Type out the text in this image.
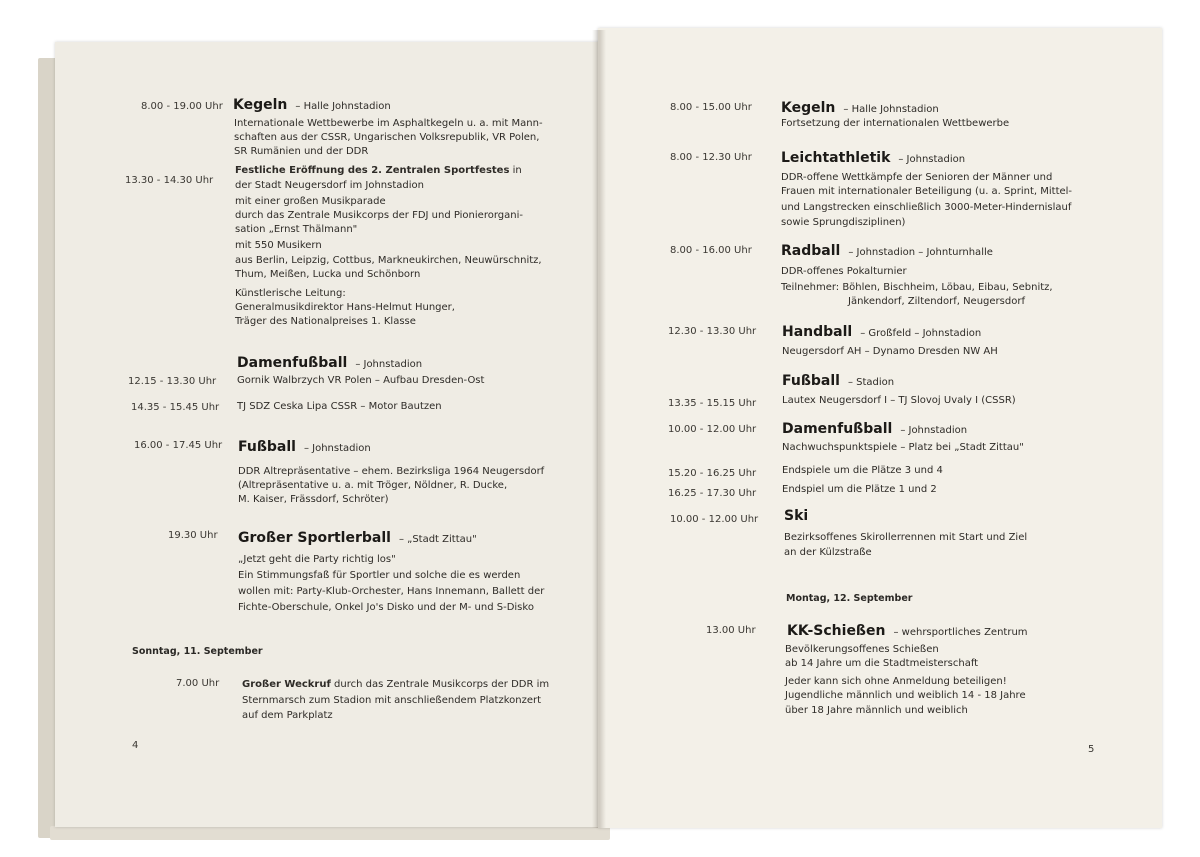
8.00 - 19.00 Uhr Kegeln – Halle Johnstadion
Internationale Wettbewerbe im Asphaltkegeln u. a. mit Mann-
schaften aus der CSSR, Ungarischen Volksrepublik, VR Polen,
SR Rumänien und der DDR
13.30 - 14.30 Uhr
Festliche Eröffnung des 2. Zentralen Sportfestes in
der Stadt Neugersdorf im Johnstadion
mit einer großen Musikparade
durch das Zentrale Musikcorps der FDJ und Pionierorgani-
sation „Ernst Thälmann"
mit 550 Musikern
aus Berlin, Leipzig, Cottbus, Markneukirchen, Neuwürschnitz,
Thum, Meißen, Lucka und Schönborn
Künstlerische Leitung:
Generalmusikdirektor Hans-Helmut Hunger,
Träger des Nationalpreises 1. Klasse
Damenfußball – Johnstadion
12.15 - 13.30 Uhr Gornik Walbrzych VR Polen – Aufbau Dresden-Ost
14.35 - 15.45 Uhr TJ SDZ Ceska Lipa CSSR – Motor Bautzen
16.00 - 17.45 Uhr Fußball – Johnstadion
DDR Altrepräsentative – ehem. Bezirksliga 1964 Neugersdorf
(Altrepräsentative u. a. mit Tröger, Nöldner, R. Ducke,
M. Kaiser, Frässdorf, Schröter)
19.30 Uhr Großer Sportlerball – „Stadt Zittau"
„Jetzt geht die Party richtig los"
Ein Stimmungsfaß für Sportler und solche die es werden
wollen mit: Party-Klub-Orchester, Hans Innemann, Ballett der
Fichte-Oberschule, Onkel Jo's Disko und der M- und S-Disko
Sonntag, 11. September
7.00 Uhr Großer Weckruf durch das Zentrale Musikcorps der DDR im
Sternmarsch zum Stadion mit anschließendem Platzkonzert
auf dem Parkplatz
4
8.00 - 15.00 Uhr Kegeln – Halle Johnstadion
Fortsetzung der internationalen Wettbewerbe
8.00 - 12.30 Uhr Leichtathletik – Johnstadion
DDR-offene Wettkämpfe der Senioren der Männer und
Frauen mit internationaler Beteiligung (u. a. Sprint, Mittel-
und Langstrecken einschließlich 3000-Meter-Hindernislauf
sowie Sprungdisziplinen)
8.00 - 16.00 Uhr Radball – Johnstadion – Johnturnhalle
DDR-offenes Pokalturnier
Teilnehmer: Böhlen, Bischheim, Löbau, Eibau, Sebnitz,
Jänkendorf, Ziltendorf, Neugersdorf
12.30 - 13.30 Uhr Handball – Großfeld – Johnstadion
Neugersdorf AH – Dynamo Dresden NW AH
Fußball – Stadion
13.35 - 15.15 Uhr	Lautex Neugersdorf I – TJ Slovoj Uvaly I (CSSR)
10.00 - 12.00 Uhr Damenfußball – Johnstadion
Nachwuchspunktspiele – Platz bei „Stadt Zittau"
15.20 - 16.25 Uhr	Endspiele um die Plätze 3 und 4
16.25 - 17.30 Uhr	Endspiel um die Plätze 1 und 2
10.00 - 12.00 Uhr Ski
Bezirksoffenes Skirollerrennen mit Start und Ziel
an der Külzstraße
Montag, 12. September
13.00 Uhr KK-Schießen – wehrsportliches Zentrum
Bevölkerungsoffenes Schießen
ab 14 Jahre um die Stadtmeisterschaft
Jeder kann sich ohne Anmeldung beteiligen!
Jugendliche männlich und weiblich 14 - 18 Jahre
über 18 Jahre männlich und weiblich
5
